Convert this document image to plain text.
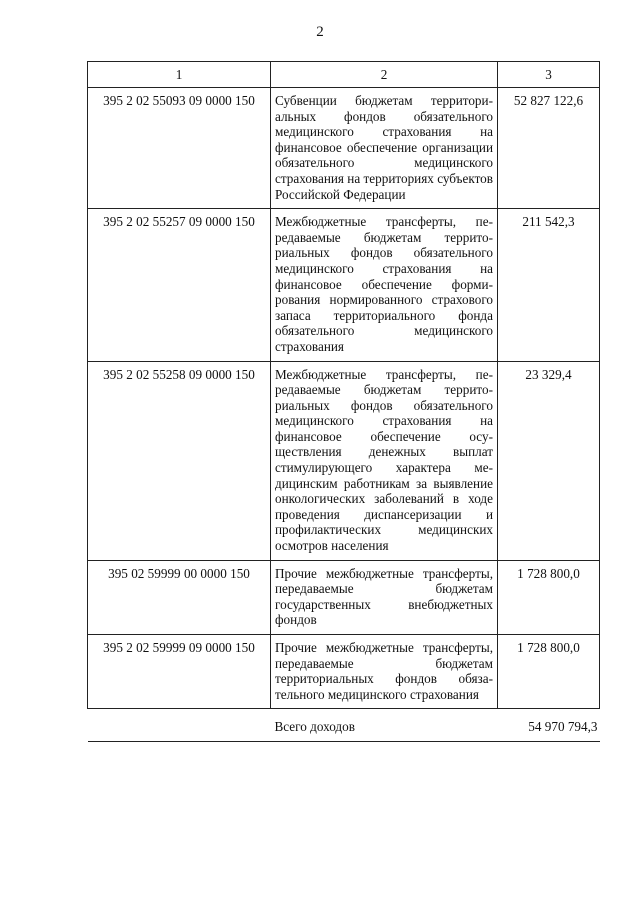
2
1	2	3
395 2 02 55093 09 0000 150	Субвенции бюджетам территориальных фондов обязательного медицинского страхования на финансовое обеспечение организации обязательного медицинского страхования на территориях субъектов Российской Федерации	52 827 122,6
395 2 02 55257 09 0000 150	Межбюджетные трансферты, передаваемые бюджетам территориальных фондов обязательного медицинского страхования на финансовое обеспечение формирования нормированного страхового запаса территориального фонда обязательного медицинского страхования	211 542,3
395 2 02 55258 09 0000 150	Межбюджетные трансферты, передаваемые бюджетам территориальных фондов обязательного медицинского страхования на финансовое обеспечение осуществления денежных выплат стимулирующего характера медицинским работникам за выявление онкологических заболеваний в ходе проведения диспансеризации и профилактических медицинских осмотров населения	23 329,4
395 02 59999 00 0000 150	Прочие межбюджетные трансферты, передаваемые бюджетам государственных внебюджетных фондов	1 728 800,0
395 2 02 59999 09 0000 150	Прочие межбюджетные трансферты, передаваемые бюджетам территориальных фондов обязательного медицинского страхования	1 728 800,0
	Всего доходов	54 970 794,3
